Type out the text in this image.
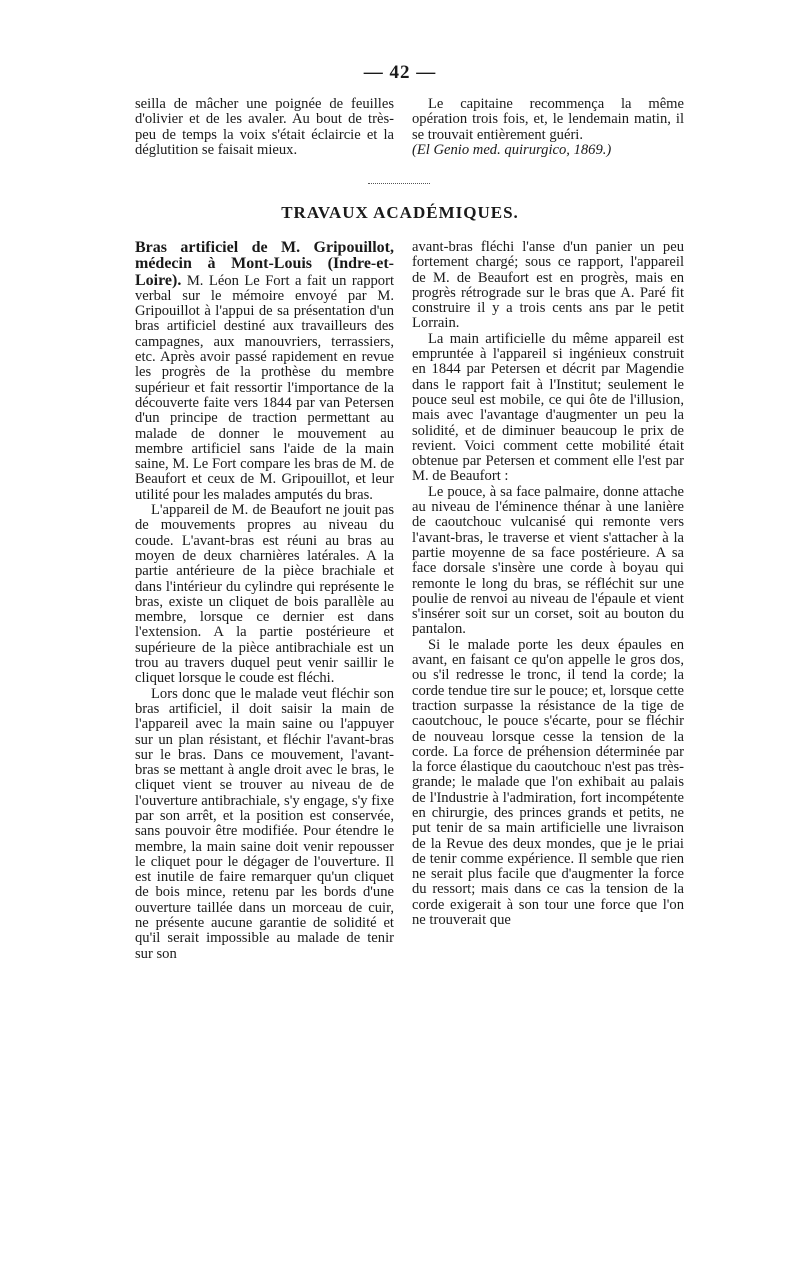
— 42 —

seilla de mâcher une poignée de feuilles d'olivier et de les avaler. Au bout de très-peu de temps la voix s'était éclaircie et la déglutition se faisait mieux.

Le capitaine recommença la même opération trois fois, et, le lendemain matin, il se trouvait entièrement guéri.

(El Genio med. quirurgico, 1869.)

TRAVAUX ACADÉMIQUES.

Bras artificiel de M. Gripouillot, médecin à Mont-Louis (Indre-et-Loire). M. Léon Le Fort a fait un rapport verbal sur le mémoire envoyé par M. Gripouillot à l'appui de sa présentation d'un bras artificiel destiné aux travailleurs des campagnes, aux manouvriers, terrassiers, etc. Après avoir passé rapidement en revue les progrès de la prothèse du membre supérieur et fait ressortir l'importance de la découverte faite vers 1844 par van Petersen d'un principe de traction permettant au malade de donner le mouvement au membre artificiel sans l'aide de la main saine, M. Le Fort compare les bras de M. de Beaufort et ceux de M. Gripouillot, et leur utilité pour les malades amputés du bras.

L'appareil de M. de Beaufort ne jouit pas de mouvements propres au niveau du coude. L'avant-bras est réuni au bras au moyen de deux charnières latérales. A la partie antérieure de la pièce brachiale et dans l'intérieur du cylindre qui représente le bras, existe un cliquet de bois parallèle au membre, lorsque ce dernier est dans l'extension. A la partie postérieure et supérieure de la pièce antibrachiale est un trou au travers duquel peut venir saillir le cliquet lorsque le coude est fléchi.

Lors donc que le malade veut fléchir son bras artificiel, il doit saisir la main de l'appareil avec la main saine ou l'appuyer sur un plan résistant, et fléchir l'avant-bras sur le bras. Dans ce mouvement, l'avant-bras se mettant à angle droit avec le bras, le cliquet vient se trouver au niveau de de l'ouverture antibrachiale, s'y engage, s'y fixe par son arrêt, et la position est conservée, sans pouvoir être modifiée. Pour étendre le membre, la main saine doit venir repousser le cliquet pour le dégager de l'ouverture. Il est inutile de faire remarquer qu'un cliquet de bois mince, retenu par les bords d'une ouverture taillée dans un morceau de cuir, ne présente aucune garantie de solidité et qu'il serait impossible au malade de tenir sur son

avant-bras fléchi l'anse d'un panier un peu fortement chargé; sous ce rapport, l'appareil de M. de Beaufort est en progrès, mais en progrès rétrograde sur le bras que A. Paré fit construire il y a trois cents ans par le petit Lorrain.

La main artificielle du même appareil est empruntée à l'appareil si ingénieux construit en 1844 par Petersen et décrit par Magendie dans le rapport fait à l'Institut; seulement le pouce seul est mobile, ce qui ôte de l'illusion, mais avec l'avantage d'augmenter un peu la solidité, et de diminuer beaucoup le prix de revient. Voici comment cette mobilité était obtenue par Petersen et comment elle l'est par M. de Beaufort :

Le pouce, à sa face palmaire, donne attache au niveau de l'éminence thénar à une lanière de caoutchouc vulcanisé qui remonte vers l'avant-bras, le traverse et vient s'attacher à la partie moyenne de sa face postérieure. A sa face dorsale s'insère une corde à boyau qui remonte le long du bras, se réfléchit sur une poulie de renvoi au niveau de l'épaule et vient s'insérer soit sur un corset, soit au bouton du pantalon.

Si le malade porte les deux épaules en avant, en faisant ce qu'on appelle le gros dos, ou s'il redresse le tronc, il tend la corde; la corde tendue tire sur le pouce; et, lorsque cette traction surpasse la résistance de la tige de caoutchouc, le pouce s'écarte, pour se fléchir de nouveau lorsque cesse la tension de la corde. La force de préhension déterminée par la force élastique du caoutchouc n'est pas très-grande; le malade que l'on exhibait au palais de l'Industrie à l'admiration, fort incompétente en chirurgie, des princes grands et petits, ne put tenir de sa main artificielle une livraison de la Revue des deux mondes, que je le priai de tenir comme expérience. Il semble que rien ne serait plus facile que d'augmenter la force du ressort; mais dans ce cas la tension de la corde exigerait à son tour une force que l'on ne trouverait que
